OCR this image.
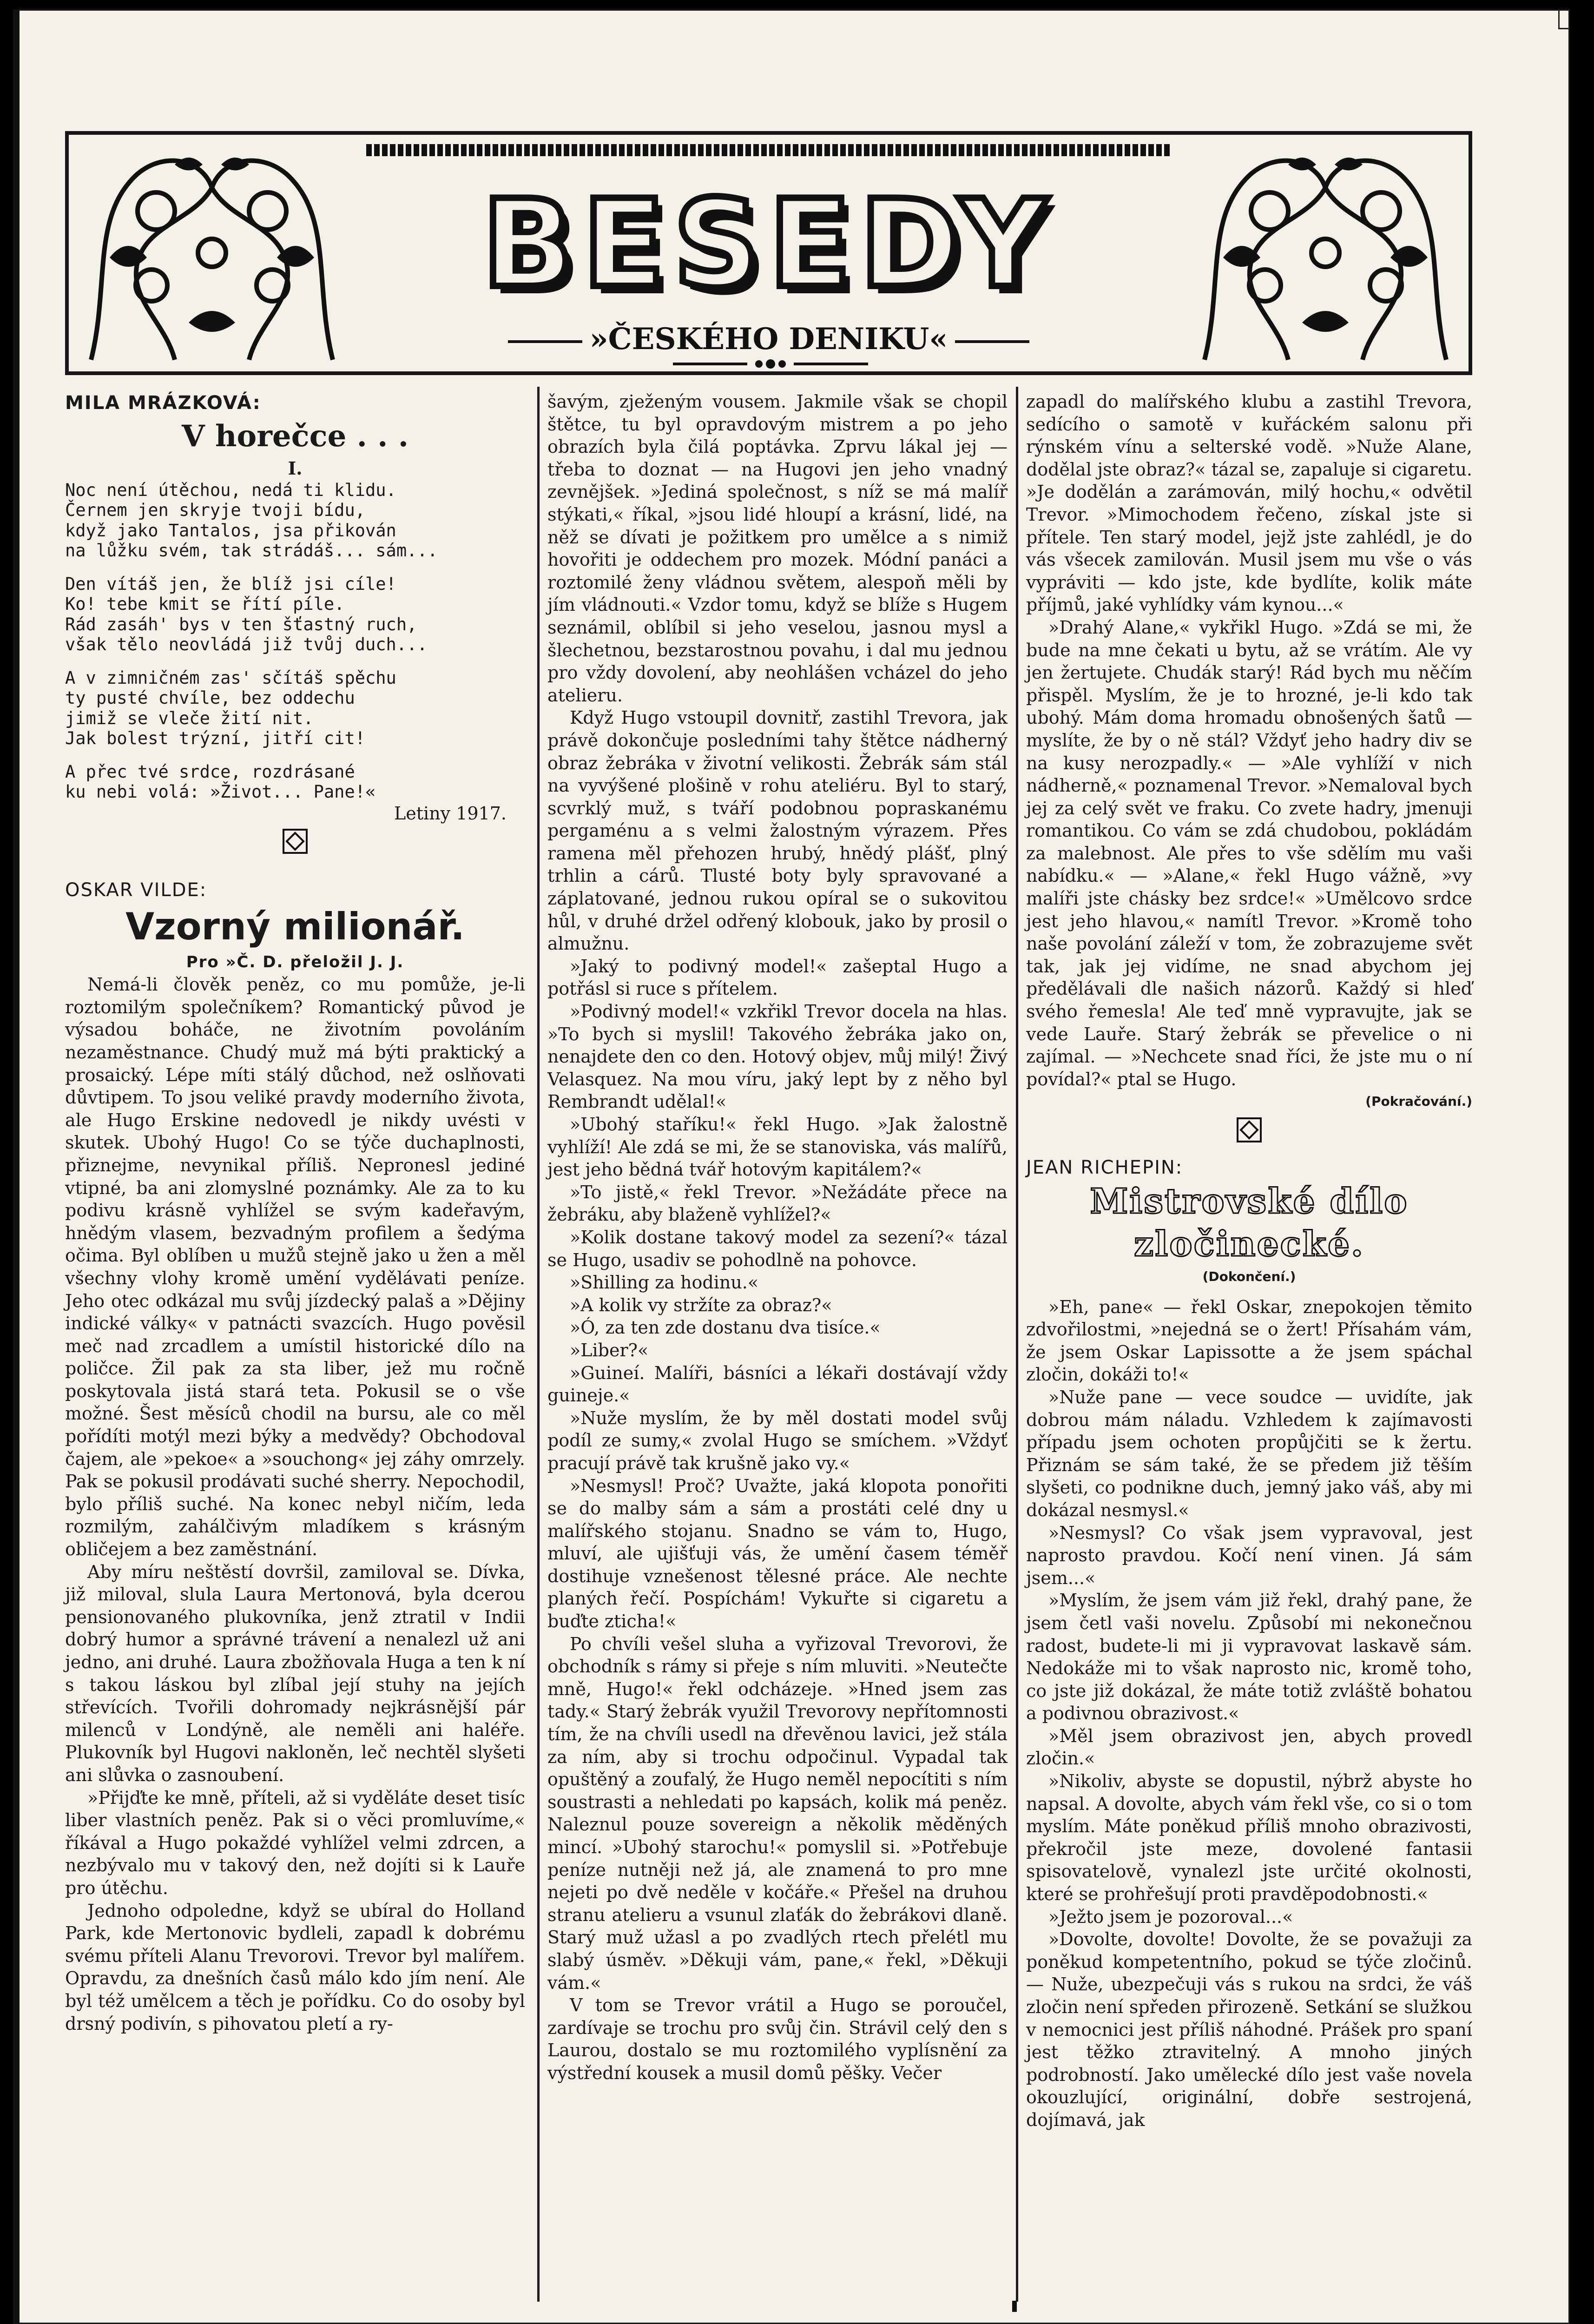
BESEDY
»ČESKÉHO DENIKU«

MILA MRÁZKOVÁ:

V horečce . . .

I.

Noc není útěchou, nedá ti klidu.

Černem jen skryje tvoji bídu,

když jako Tantalos, jsa přikován

na lůžku svém, tak strádáš... sám...

Den vítáš jen, že blíž jsi cíle!

Ko! tebe kmit se řítí píle.

Rád zasáh' bys v ten šťastný ruch,

však tělo neovládá již tvůj duch...

A v zimničném zas' sčítáš spěchu

ty pusté chvíle, bez oddechu

jimiž se vleče žití nit.

Jak bolest trýzní, jitří cit!

A přec tvé srdce, rozdrásané

ku nebi volá: »Život... Pane!«

Letiny 1917.

OSKAR VILDE:

Vzorný milionář.

Pro »Č. D. přeložil J. J.

Nemá-li člověk peněz, co mu pomůže, je-li roztomilým společníkem? Romantický původ je výsadou boháče, ne životním povoláním nezaměstnance. Chudý muž má býti praktický a prosaický. Lépe míti stálý důchod, než oslňovati důvtipem. To jsou veliké pravdy moderního života, ale Hugo Erskine nedovedl je nikdy uvésti v skutek. Ubohý Hugo! Co se týče duchaplnosti, přiznejme, nevynikal příliš. Nepronesl jediné vtipné, ba ani zlomyslné poznámky. Ale za to ku podivu krásně vyhlížel se svým kadeřavým, hnědým vlasem, bezvadným profilem a šedýma očima. Byl oblíben u mužů stejně jako u žen a měl všechny vlohy kromě umění vydělávati peníze. Jeho otec odkázal mu svůj jízdecký palaš a »Dějiny indické války« v patnácti svazcích. Hugo pověsil meč nad zrcadlem a umístil historické dílo na poličce. Žil pak za sta liber, jež mu ročně poskytovala jistá stará teta. Pokusil se o vše možné. Šest měsíců chodil na bursu, ale co měl pořídíti motýl mezi býky a medvědy? Obchodoval čajem, ale »pekoe« a »souchong« jej záhy omrzely. Pak se pokusil prodávati suché sherry. Nepochodil, bylo příliš suché. Na konec nebyl ničím, leda rozmilým, zahálčivým mladíkem s krásným obličejem a bez zaměstnání.

Aby míru neštěstí dovršil, zamiloval se. Dívka, již miloval, slula Laura Mertonová, byla dcerou pensionovaného plukovníka, jenž ztratil v Indii dobrý humor a správné trávení a nenalezl už ani jedno, ani druhé. Laura zbožňovala Huga a ten k ní s takou láskou byl zlíbal její stuhy na jejích střevících. Tvořili dohromady nejkrásnější pár milenců v Londýně, ale neměli ani haléře. Plukovník byl Hugovi nakloněn, leč nechtěl slyšeti ani slůvka o zasnoubení.

»Přijďte ke mně, příteli, až si vyděláte deset tisíc liber vlastních peněz. Pak si o věci promluvíme,« říkával a Hugo pokaždé vyhlížel velmi zdrcen, a nezbývalo mu v takový den, než dojíti si k Lauře pro útěchu.

Jednoho odpoledne, když se ubíral do Holland Park, kde Mertonovic bydleli, zapadl k dobrému svému příteli Alanu Trevorovi. Trevor byl malířem. Opravdu, za dnešních časů málo kdo jím není. Ale byl též umělcem a těch je pořídku. Co do osoby byl drsný podivín, s pihovatou pletí a ry-

šavým, zježeným vousem. Jakmile však se chopil štětce, tu byl opravdovým mistrem a po jeho obrazích byla čilá poptávka. Zprvu lákal jej — třeba to doznat — na Hugovi jen jeho vnadný zevnějšek. »Jediná společnost, s níž se má malíř stýkati,« říkal, »jsou lidé hloupí a krásní, lidé, na něž se dívati je požitkem pro umělce a s nimiž hovořiti je oddechem pro mozek. Módní panáci a roztomilé ženy vládnou světem, alespoň měli by jím vládnouti.« Vzdor tomu, když se blíže s Hugem seznámil, oblíbil si jeho veselou, jasnou mysl a šlechetnou, bezstarostnou povahu, i dal mu jednou pro vždy dovolení, aby neohlášen vcházel do jeho atelieru.

Když Hugo vstoupil dovnitř, zastihl Trevora, jak právě dokončuje posledními tahy štětce nádherný obraz žebráka v životní velikosti. Žebrák sám stál na vyvýšené plošině v rohu ateliéru. Byl to starý, scvrklý muž, s tváří podobnou popraskanému pergaménu a s velmi žalostným výrazem. Přes ramena měl přehozen hrubý, hnědý plášť, plný trhlin a cárů. Tlusté boty byly spravované a záplatované, jednou rukou opíral se o sukovitou hůl, v druhé držel odřený klobouk, jako by prosil o almužnu.

»Jaký to podivný model!« zašeptal Hugo a potřásl si ruce s přítelem.

»Podivný model!« vzkřikl Trevor docela na hlas. »To bych si myslil! Takového žebráka jako on, nenajdete den co den. Hotový objev, můj milý! Živý Velasquez. Na mou víru, jaký lept by z něho byl Rembrandt udělal!«

»Ubohý staříku!« řekl Hugo. »Jak žalostně vyhlíží! Ale zdá se mi, že se stanoviska, vás malířů, jest jeho bědná tvář hotovým kapitálem?«

»To jistě,« řekl Trevor. »Nežádáte přece na žebráku, aby blaženě vyhlížel?«

»Kolik dostane takový model za sezení?« tázal se Hugo, usadiv se pohodlně na pohovce.

»Shilling za hodinu.«

»A kolik vy stržíte za obraz?«

»Ó, za ten zde dostanu dva tisíce.«

»Liber?«

»Guineí. Malíři, básníci a lékaři dostávají vždy guineje.«

»Nuže myslím, že by měl dostati model svůj podíl ze sumy,« zvolal Hugo se smíchem. »Vždyť pracují právě tak krušně jako vy.«

»Nesmysl! Proč? Uvažte, jaká klopota ponořiti se do malby sám a sám a prostáti celé dny u malířského stojanu. Snadno se vám to, Hugo, mluví, ale ujišťuji vás, že umění časem téměř dostihuje vznešenost tělesné práce. Ale nechte planých řečí. Pospíchám! Vykuřte si cigaretu a buďte zticha!«

Po chvíli vešel sluha a vyřizoval Trevorovi, že obchodník s rámy si přeje s ním mluviti. »Neutečte mně, Hugo!« řekl odcházeje. »Hned jsem zas tady.« Starý žebrák využil Trevorovy nepřítomnosti tím, že na chvíli usedl na dřevěnou lavici, jež stála za ním, aby si trochu odpočinul. Vypadal tak opuštěný a zoufalý, že Hugo neměl nepocítiti s ním soustrasti a nehledati po kapsách, kolik má peněz. Naleznul pouze sovereign a několik měděných mincí. »Ubohý starochu!« pomyslil si. »Potřebuje peníze nutněji než já, ale znamená to pro mne nejeti po dvě neděle v kočáře.« Přešel na druhou stranu atelieru a vsunul zlaťák do žebrákovi dlaně. Starý muž užasl a po zvadlých rtech přelétl mu slabý úsměv. »Děkuji vám, pane,« řekl, »Děkuji vám.«

V tom se Trevor vrátil a Hugo se poroučel, zardívaje se trochu pro svůj čin. Strávil celý den s Laurou, dostalo se mu roztomilého vyplísnění za výstřední kousek a musil domů pěšky. Večer

zapadl do malířského klubu a zastihl Trevora, sedícího o samotě v kuřáckém salonu při rýnském vínu a selterské vodě. »Nuže Alane, dodělal jste obraz?« tázal se, zapaluje si cigaretu. »Je dodělán a zarámován, milý hochu,« odvětil Trevor. »Mimochodem řečeno, získal jste si přítele. Ten starý model, jejž jste zahlédl, je do vás všecek zamilován. Musil jsem mu vše o vás vypráviti — kdo jste, kde bydlíte, kolik máte příjmů, jaké vyhlídky vám kynou...«

»Drahý Alane,« vykřikl Hugo. »Zdá se mi, že bude na mne čekati u bytu, až se vrátím. Ale vy jen žertujete. Chudák starý! Rád bych mu něčím přispěl. Myslím, že je to hrozné, je-li kdo tak ubohý. Mám doma hromadu obnošených šatů — myslíte, že by o ně stál? Vždyť jeho hadry div se na kusy nerozpadly.« — »Ale vyhlíží v nich nádherně,« poznamenal Trevor. »Nemaloval bych jej za celý svět ve fraku. Co zvete hadry, jmenuji romantikou. Co vám se zdá chudobou, pokládám za malebnost. Ale přes to vše sdělím mu vaši nabídku.« — »Alane,« řekl Hugo vážně, »vy malíři jste chásky bez srdce!« »Umělcovo srdce jest jeho hlavou,« namítl Trevor. »Kromě toho naše povolání záleží v tom, že zobrazujeme svět tak, jak jej vidíme, ne snad abychom jej předělávali dle našich názorů. Každý si hleď svého řemesla! Ale teď mně vypravujte, jak se vede Lauře. Starý žebrák se převelice o ni zajímal. — »Nechcete snad říci, že jste mu o ní povídal?« ptal se Hugo.

(Pokračování.)

JEAN RICHEPIN:

Mistrovské dílo

zločinecké.

(Dokončení.)

»Eh, pane« — řekl Oskar, znepokojen těmito zdvořilostmi, »nejedná se o žert! Přísahám vám, že jsem Oskar Lapissotte a že jsem spáchal zločin, dokáži to!«

»Nuže pane — vece soudce — uvidíte, jak dobrou mám náladu. Vzhledem k zajímavosti případu jsem ochoten propůjčiti se k žertu. Přiznám se sám také, že se předem již těším slyšeti, co podnikne duch, jemný jako váš, aby mi dokázal nesmysl.«

»Nesmysl? Co však jsem vypravoval, jest naprosto pravdou. Kočí není vinen. Já sám jsem...«

»Myslím, že jsem vám již řekl, drahý pane, že jsem četl vaši novelu. Způsobí mi nekonečnou radost, budete-li mi ji vypravovat laskavě sám. Nedokáže mi to však naprosto nic, kromě toho, co jste již dokázal, že máte totiž zvláště bohatou a podivnou obrazivost.«

»Měl jsem obrazivost jen, abych provedl zločin.«

»Nikoliv, abyste se dopustil, nýbrž abyste ho napsal. A dovolte, abych vám řekl vše, co si o tom myslím. Máte poněkud příliš mnoho obrazivosti, překročil jste meze, dovolené fantasii spisovatelově, vynalezl jste určité okolnosti, které se prohřešují proti pravděpodobnosti.«

»Ježto jsem je pozoroval...«

»Dovolte, dovolte! Dovolte, že se považuji za poněkud kompetentního, pokud se týče zločinů. — Nuže, ubezpečuji vás s rukou na srdci, že váš zločin není spředen přirozeně. Setkání se služkou v nemocnici jest příliš náhodné. Prášek pro spaní jest těžko ztravitelný. A mnoho jiných podrobností. Jako umělecké dílo jest vaše novela okouzlující, originální, dobře sestrojená, dojímavá, jak
